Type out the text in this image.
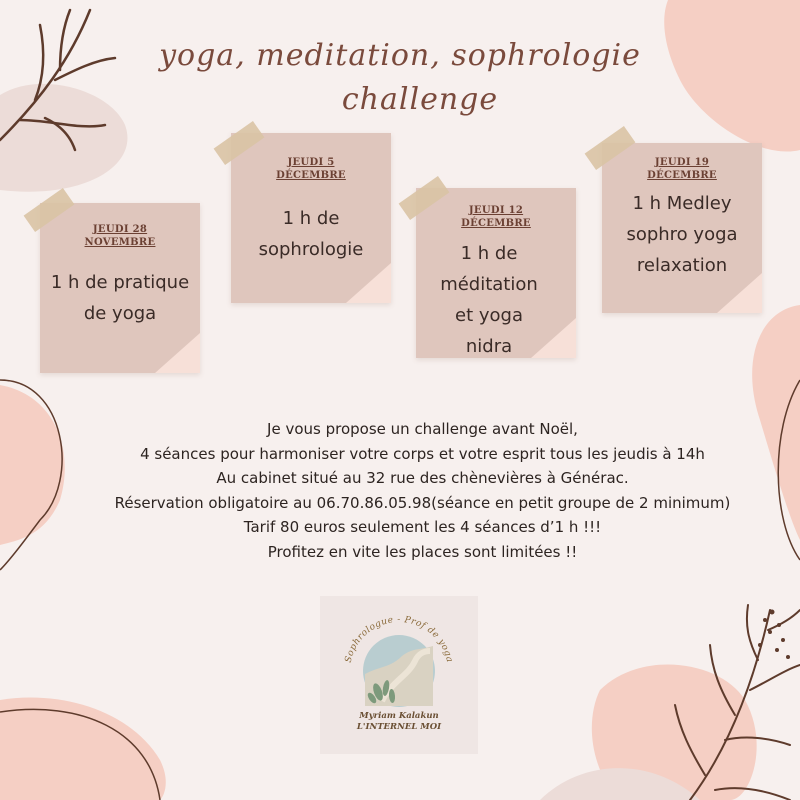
yoga, meditation, sophrologie
challenge
JEUDI 28
NOVEMBRE
1 h de pratique
de yoga
JEUDI 5
DÉCEMBRE
1 h de
sophrologie
JEUDI 12
DÉCEMBRE
1 h de
méditation
et yoga
nidra
JEUDI 19
DÉCEMBRE
1 h Medley
sophro yoga
relaxation
Je vous propose un challenge avant Noël,
4 séances pour harmoniser votre corps et votre esprit tous les jeudis à 14h
Au cabinet situé au 32 rue des chènevières à Générac.
Réservation obligatoire au 06.70.86.05.98(séance en petit groupe de 2 minimum)
Tarif 80 euros seulement les 4 séances d’1 h !!!
Profitez en vite les places sont limitées !!
Sophrologue - Prof de yoga
Myriam Kalakun
L'INTERNEL MOI
